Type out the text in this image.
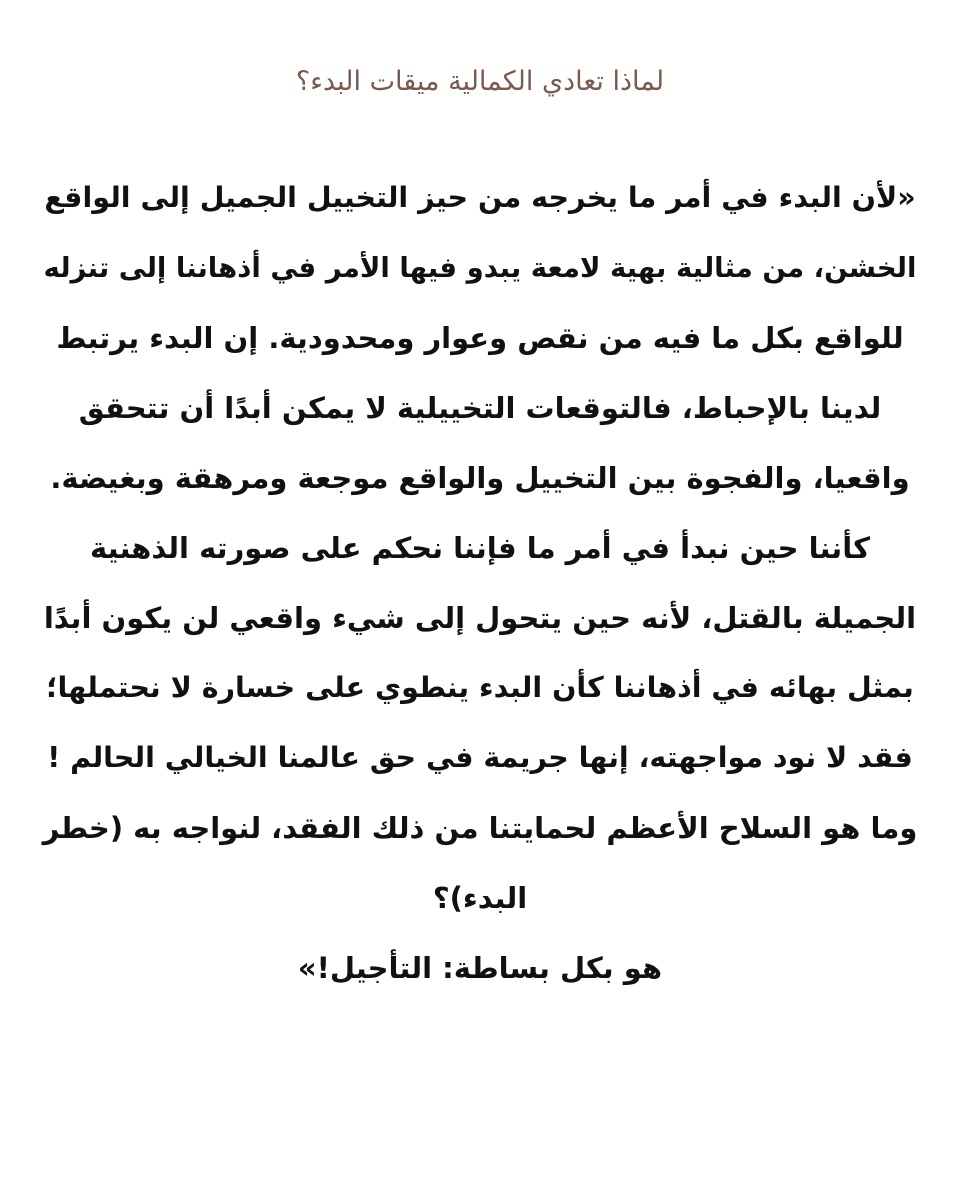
لماذا تعادي الكمالية ميقات البدء؟
«لأن البدء في أمر ما يخرجه من حيز التخييل الجميل إلى الواقع
الخشن، من مثالية بهية لامعة يبدو فيها الأمر في أذهاننا إلى تنزله
للواقع بكل ما فيه من نقص وعوار ومحدودية. إن البدء يرتبط
لدينا بالإحباط، فالتوقعات التخييلية لا يمكن أبدًا أن تتحقق
واقعيا، والفجوة بين التخييل والواقع موجعة ومرهقة وبغيضة.
كأننا حين نبدأ في أمر ما فإننا نحكم على صورته الذهنية
الجميلة بالقتل، لأنه حين يتحول إلى شيء واقعي لن يكون أبدًا
بمثل بهائه في أذهاننا كأن البدء ينطوي على خسارة لا نحتملها؛
فقد لا نود مواجهته، إنها جريمة في حق عالمنا الخيالي الحالم !
وما هو السلاح الأعظم لحمايتنا من ذلك الفقد، لنواجه به (خطر
البدء)؟
هو بكل بساطة: التأجيل!»
